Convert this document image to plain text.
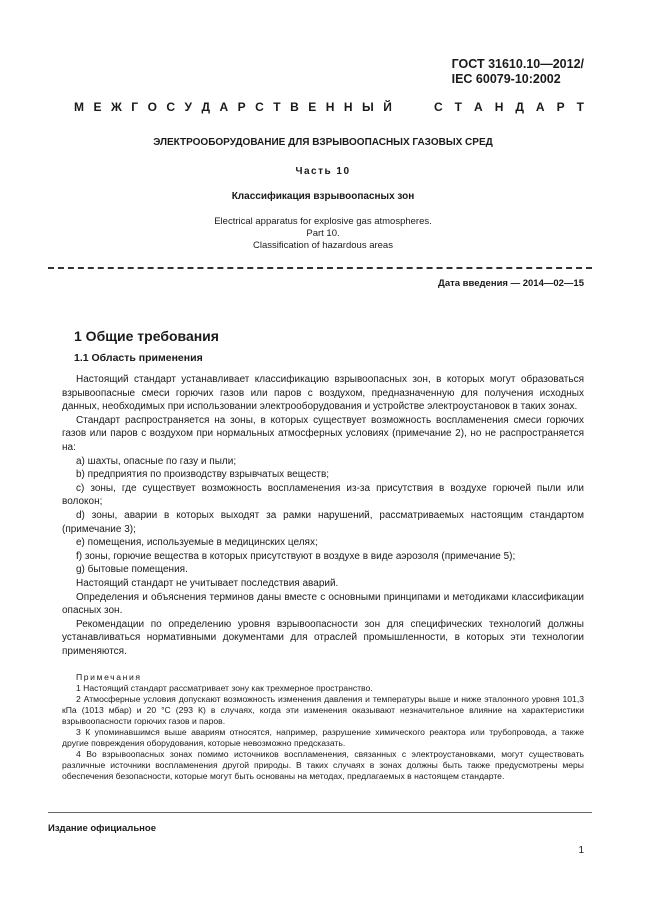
ГОСТ 31610.10—2012/
IEC 60079-10:2002
М Е Ж Г О С У Д А Р С Т В Е Н Н Ы Й	С Т А Н Д А Р Т
ЭЛЕКТРООБОРУДОВАНИЕ ДЛЯ ВЗРЫВООПАСНЫХ ГАЗОВЫХ СРЕД
Часть 10
Классификация взрывоопасных зон
Electrical apparatus for explosive gas atmospheres.
Part 10.
Classification of hazardous areas
Дата введения — 2014—02—15
1 Общие требования
1.1 Область применения

Настоящий стандарт устанавливает классификацию взрывоопасных зон, в которых могут образоваться взрывоопасные смеси горючих газов или паров с воздухом, предназначенную для получения исходных данных, необходимых при использовании электрооборудования и устройстве электроустановок в таких зонах.

Стандарт распространяется на зоны, в которых существует возможность воспламенения смеси горючих газов или паров с воздухом при нормальных атмосферных условиях (примечание 2), но не распространяется на:

a) шахты, опасные по газу и пыли;

b) предприятия по производству взрывчатых веществ;

c) зоны, где существует возможность воспламенения из-за присутствия в воздухе горючей пыли или волокон;

d) зоны, аварии в которых выходят за рамки нарушений, рассматриваемых настоящим стандартом (примечание 3);

e) помещения, используемые в медицинских целях;

f) зоны, горючие вещества в которых присутствуют в воздухе в виде аэрозоля (примечание 5);

g) бытовые помещения.

Настоящий стандарт не учитывает последствия аварий.

Определения и объяснения терминов даны вместе с основными принципами и методиками классификации опасных зон.

Рекомендации по определению уровня взрывоопасности зон для специфических технологий должны устанавливаться нормативными документами для отраслей промышленности, в которых эти технологии применяются.

Примечания

1 Настоящий стандарт рассматривает зону как трехмерное пространство.

2 Атмосферные условия допускают возможность изменения давления и температуры выше и ниже эталонного уровня 101,3 кПа (1013 мбар) и 20 °С (293 К) в случаях, когда эти изменения оказывают незначительное влияние на характеристики взрывоопасности горючих газов и паров.

3 К упоминавшимся выше авариям относятся, например, разрушение химического реактора или трубопровода, а также другие повреждения оборудования, которые невозможно предсказать.

4 Во взрывоопасных зонах помимо источников воспламенения, связанных с электроустановками, могут существовать различные источники воспламенения другой природы. В таких случаях в зонах должны быть также предусмотрены меры обеспечения безопасности, которые могут быть основаны на методах, предлагаемых в настоящем стандарте.

Издание официальное
1
